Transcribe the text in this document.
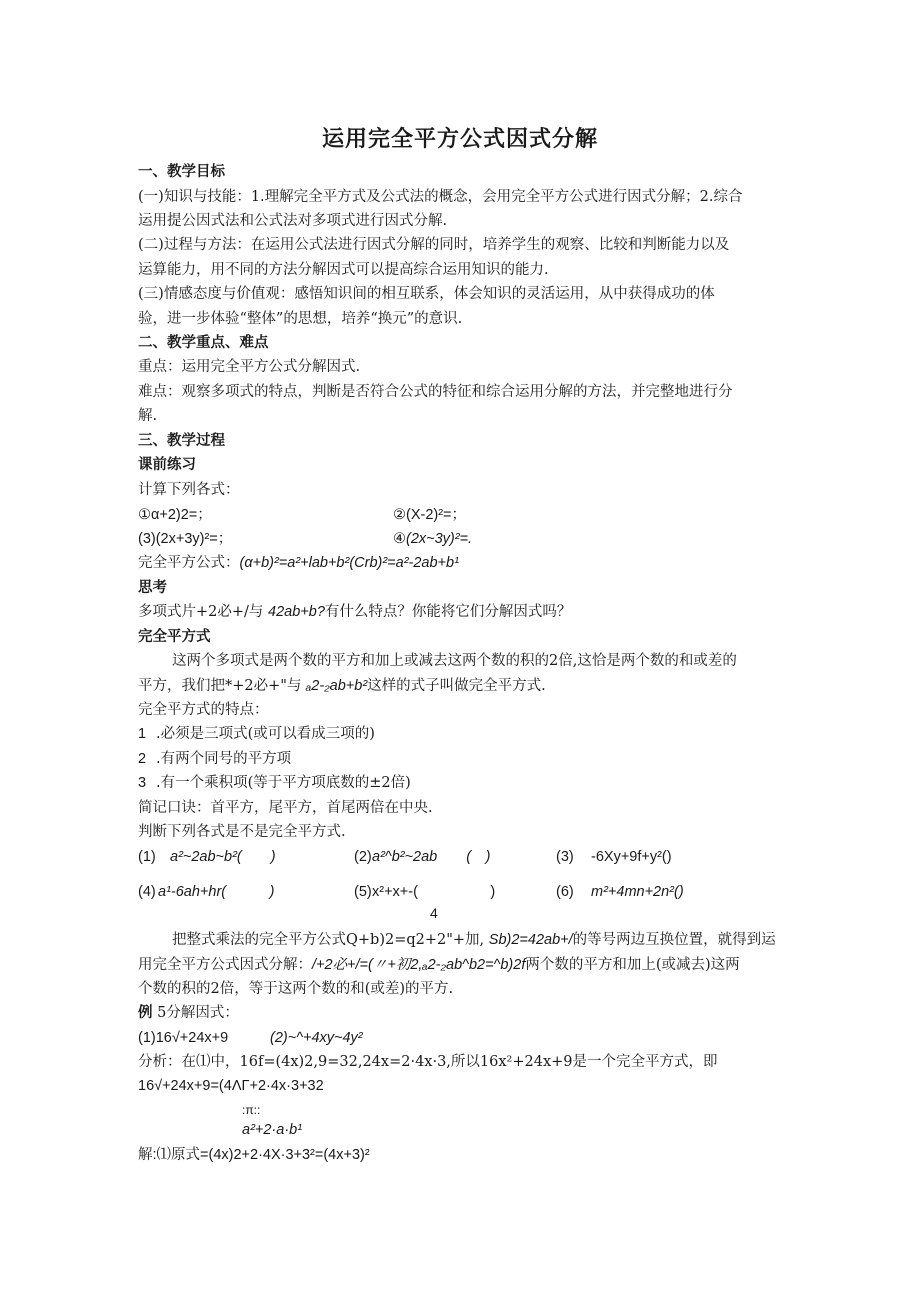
运用完全平方公式因式分解
一、教学目标
(一)知识与技能：1.理解完全平方式及公式法的概念，会用完全平方公式进行因式分解；2.综合
运用提公因式法和公式法对多项式进行因式分解.
(二)过程与方法：在运用公式法进行因式分解的同时，培养学生的观察、比较和判断能力以及
运算能力，用不同的方法分解因式可以提高综合运用知识的能力.
(三)情感态度与价值观：感悟知识间的相互联系，体会知识的灵活运用，从中获得成功的体
验，进一步体验“整体”的思想，培养“换元”的意识.
二、教学重点、难点
重点：运用完全平方公式分解因式.
难点：观察多项式的特点，判断是否符合公式的特征和综合运用分解的方法，并完整地进行分
解.
三、教学过程
课前练习
计算下列各式：
①α+2)2=；	②(X-2)²=；
(3)(2x+3y)²=；	④(2x~3y)²=.
完全平方公式：(α+b)²=a²+lab+b²(Crb)²=a²-2ab+b¹
思考
多项式片+2必+/与 42ab+b?有什么特点？你能将它们分解因式吗？
完全平方式
这两个多项式是两个数的平方和加上或减去这两个数的积的2倍,这恰是两个数的和或差的
平方，我们把*+2必+"与 ₐ2-₂ab+b²这样的式子叫做完全平方式.
完全平方式的特点：
1 .必须是三项式(或可以看成三项的)
2 .有两个同号的平方项
3 .有一个乘积项(等于平方项底数的±2倍)
简记口诀：首平方，尾平方，首尾两倍在中央.
判断下列各式是不是完全平方式.
(1) a²~2ab~b²(　　)	(2) a²^b²~2ab　　(　)	(3) -6Xy+9f+y²()
(4) a¹-6ah+hr(　　　)	(5) x²+x+-(　　　　　)	(6) m²+4mn+2n²()
4
把整式乘法的完全平方公式Q+b)2=q2+2"+加, Sb)2=42ab+/的等号两边互换位置，就得到运
用完全平方公式因式分解：/+2必+/=(〃+初2,ₐ2-₂ab^b2=^b)2f两个数的平方和加上(或减去)这两
个数的积的2倍，等于这两个数的和(或差)的平方.
例 5分解因式：
(1)16√+24x+9	(2)~^+4xy~4y²
分析：在⑴中，16f=(4x)2,9=32,24x=2·4x·3,所以16x²+24x+9是一个完全平方式，即
16√+24x+9=(4ΛΓ+2·4x·3+32
:π::
a²+2·a·b¹
解:⑴原式=(4x)2+2·4X·3+3²=(4x+3)²
